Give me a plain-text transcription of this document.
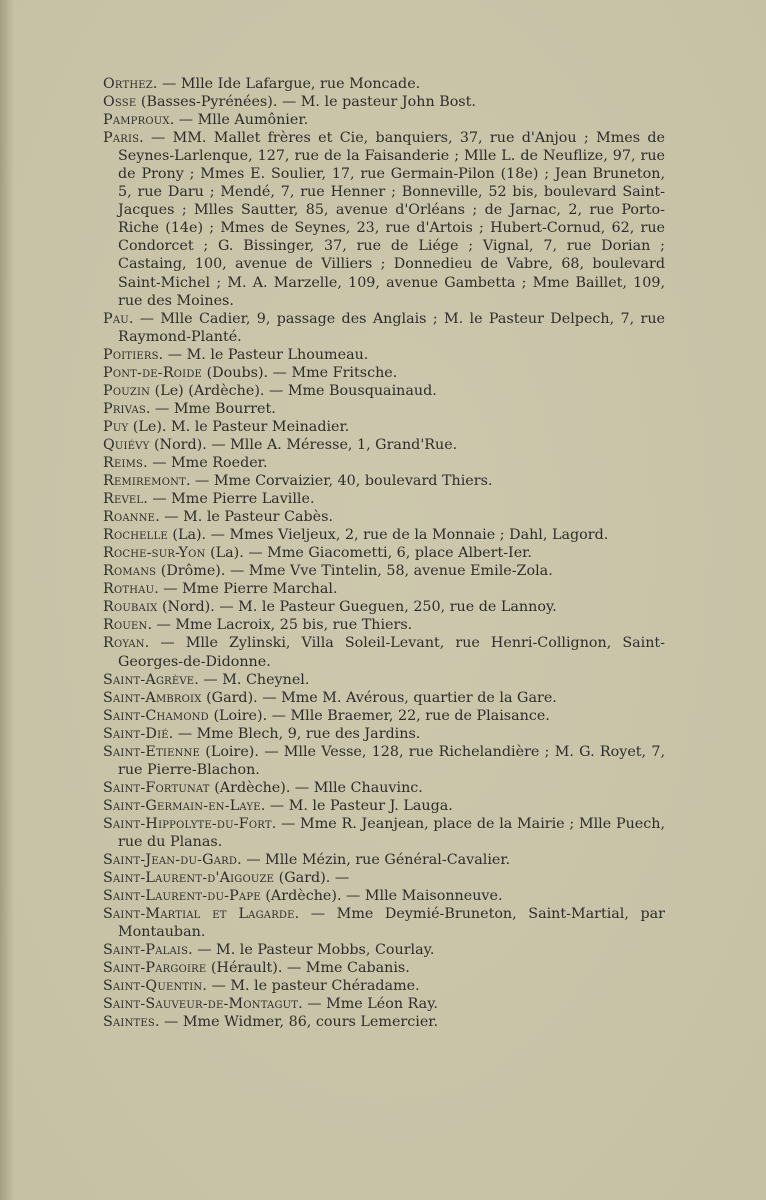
Orthez. — Mlle Ide Lafargue, rue Moncade.

Osse (Basses-Pyrénées). — M. le pasteur John Bost.

Pamproux. — Mlle Aumônier.

Paris. — MM. Mallet frères et Cie, banquiers, 37, rue d'Anjou ; Mmes de Seynes-Larlenque, 127, rue de la Faisanderie ; Mlle L. de Neuflize, 97, rue de Prony ; Mmes E. Soulier, 17, rue Germain-Pilon (18e) ; Jean Bruneton, 5, rue Daru ; Mendé, 7, rue Henner ; Bonneville, 52 bis, boulevard Saint-Jacques ; Mlles Sautter, 85, avenue d'Orléans ; de Jarnac, 2, rue Porto-Riche (14e) ; Mmes de Seynes, 23, rue d'Artois ; Hubert-Cornud, 62, rue Condorcet ; G. Bissinger, 37, rue de Liége ; Vignal, 7, rue Dorian ; Castaing, 100, avenue de Villiers ; Donnedieu de Vabre, 68, boulevard Saint-Michel ; M. A. Marzelle, 109, avenue Gambetta ; Mme Baillet, 109, rue des Moines.

Pau. — Mlle Cadier, 9, passage des Anglais ; M. le Pasteur Delpech, 7, rue Raymond-Planté.

Poitiers. — M. le Pasteur Lhoumeau.

Pont-de-Roide (Doubs). — Mme Fritsche.

Pouzin (Le) (Ardèche). — Mme Bousquainaud.

Privas. — Mme Bourret.

Puy (Le). M. le Pasteur Meinadier.

Quiévy (Nord). — Mlle A. Méresse, 1, Grand'Rue.

Reims. — Mme Roeder.

Remiremont. — Mme Corvaizier, 40, boulevard Thiers.

Revel. — Mme Pierre Laville.

Roanne. — M. le Pasteur Cabès.

Rochelle (La). — Mmes Vieljeux, 2, rue de la Monnaie ; Dahl, Lagord.

Roche-sur-Yon (La). — Mme Giacometti, 6, place Albert-Ier.

Romans (Drôme). — Mme Vve Tintelin, 58, avenue Emile-Zola.

Rothau. — Mme Pierre Marchal.

Roubaix (Nord). — M. le Pasteur Gueguen, 250, rue de Lannoy.

Rouen. — Mme Lacroix, 25 bis, rue Thiers.

Royan. — Mlle Zylinski, Villa Soleil-Levant, rue Henri-Collignon, Saint-Georges-de-Didonne.

Saint-Agrève. — M. Cheynel.

Saint-Ambroix (Gard). — Mme M. Avérous, quartier de la Gare.

Saint-Chamond (Loire). — Mlle Braemer, 22, rue de Plaisance.

Saint-Dié. — Mme Blech, 9, rue des Jardins.

Saint-Etienne (Loire). — Mlle Vesse, 128, rue Richelandière ; M. G. Royet, 7, rue Pierre-Blachon.

Saint-Fortunat (Ardèche). — Mlle Chauvinc.

Saint-Germain-en-Laye. — M. le Pasteur J. Lauga.

Saint-Hippolyte-du-Fort. — Mme R. Jeanjean, place de la Mairie ; Mlle Puech, rue du Planas.

Saint-Jean-du-Gard. — Mlle Mézin, rue Général-Cavalier.

Saint-Laurent-d'Aigouze (Gard). —

Saint-Laurent-du-Pape (Ardèche). — Mlle Maisonneuve.

Saint-Martial et Lagarde. — Mme Deymié-Bruneton, Saint-Martial, par Montauban.

Saint-Palais. — M. le Pasteur Mobbs, Courlay.

Saint-Pargoire (Hérault). — Mme Cabanis.

Saint-Quentin. — M. le pasteur Chéradame.

Saint-Sauveur-de-Montagut. — Mme Léon Ray.

Saintes. — Mme Widmer, 86, cours Lemercier.
